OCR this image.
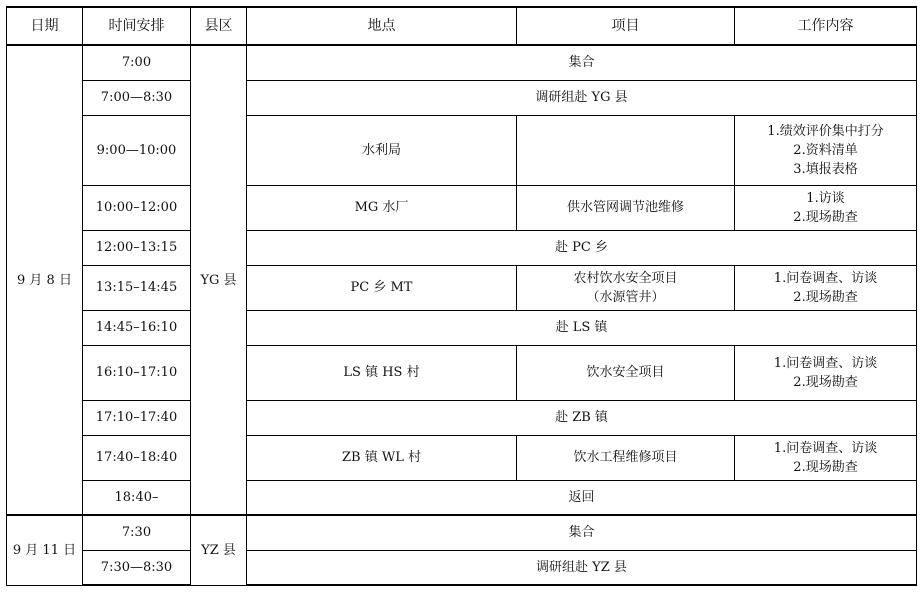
日期	时间安排	县区	地点	项目	工作内容
9 月 8 日	7:00	YG 县	集合		
	7:00—8:30		调研组赴 YG 县		
	9:00—10:00		水利局		1.绩效评价集中打分
2.资料清单
3.填报表格

	10:00–12:00		MG 水厂	供水管网调节池维修	1.访谈
2.现场勘查

	12:00–13:15		赴 PC 乡		
	13:15–14:45		PC 乡 MT	农村饮水安全项目
（水源管井）	1.问卷调查、访谈
2.现场勘查

	14:45–16:10		赴 LS 镇		
	16:10–17:10		LS 镇 HS 村	饮水安全项目	1.问卷调查、访谈
2.现场勘查

	17:10–17:40		赴 ZB 镇		
	17:40–18:40		ZB 镇 WL 村	饮水工程维修项目	1.问卷调查、访谈
2.现场勘查

	18:40–		返回		
9 月 11 日	7:30	YZ 县	集合		
	7:30—8:30		调研组赴 YZ 县		
